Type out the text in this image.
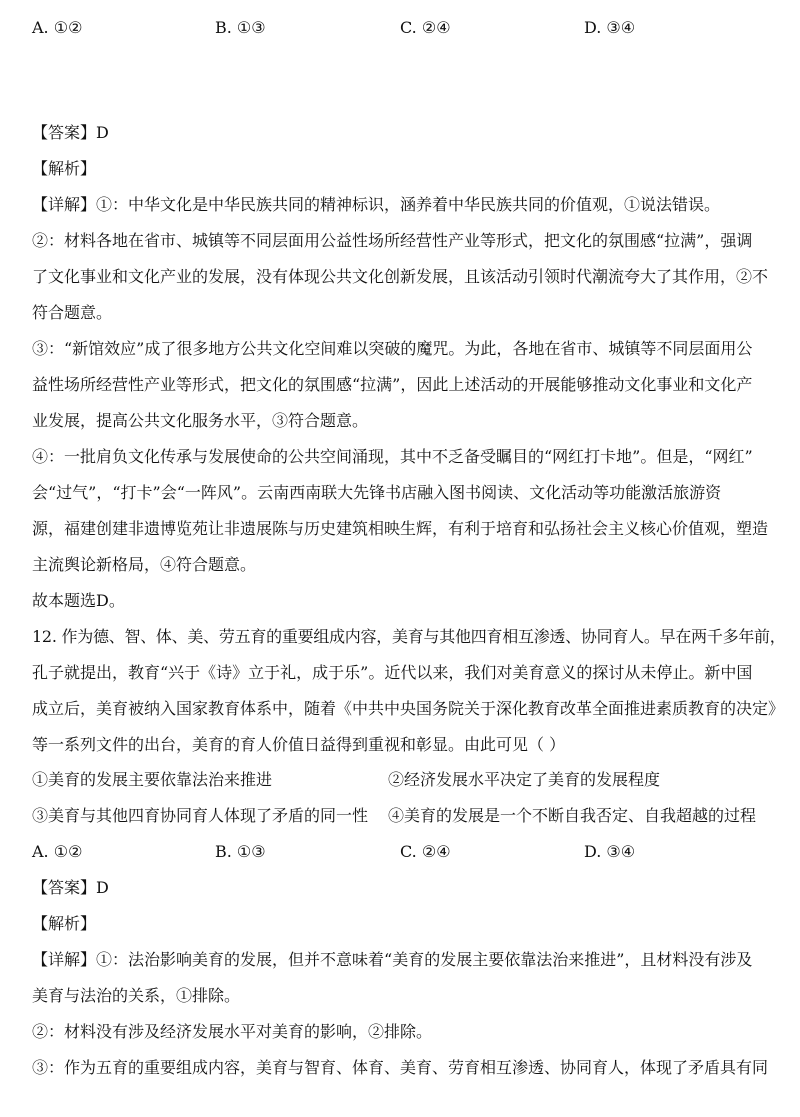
A. ①②	B. ①③	C. ②④	D. ③④
【答案】D
【解析】
【详解】①：中华文化是中华民族共同的精神标识，涵养着中华民族共同的价值观，①说法错误。
②：材料各地在省市、城镇等不同层面用公益性场所经营性产业等形式，把文化的氛围感“拉满”，强调
了文化事业和文化产业的发展，没有体现公共文化创新发展，且该活动引领时代潮流夸大了其作用，②不
符合题意。
③：“新馆效应”成了很多地方公共文化空间难以突破的魔咒。为此，各地在省市、城镇等不同层面用公
益性场所经营性产业等形式，把文化的氛围感“拉满”，因此上述活动的开展能够推动文化事业和文化产
业发展，提高公共文化服务水平，③符合题意。
④：一批肩负文化传承与发展使命的公共空间涌现，其中不乏备受瞩目的“网红打卡地”。但是，“网红”
会“过气”，“打卡”会“一阵风”。云南西南联大先锋书店融入图书阅读、文化活动等功能激活旅游资
源，福建创建非遗博览苑让非遗展陈与历史建筑相映生辉，有利于培育和弘扬社会主义核心价值观，塑造
主流舆论新格局，④符合题意。
故本题选D。
12. 作为德、智、体、美、劳五育的重要组成内容，美育与其他四育相互渗透、协同育人。早在两千多年前，
孔子就提出，教育“兴于《诗》立于礼，成于乐”。近代以来，我们对美育意义的探讨从未停止。新中国
成立后，美育被纳入国家教育体系中，随着《中共中央国务院关于深化教育改革全面推进素质教育的决定》
等一系列文件的出台，美育的育人价值日益得到重视和彰显。由此可见（ ）
①美育的发展主要依靠法治来推进	②经济发展水平决定了美育的发展程度
③美育与其他四育协同育人体现了矛盾的同一性 ④美育的发展是一个不断自我否定、自我超越的过程
A. ①②	B. ①③	C. ②④	D. ③④
【答案】D
【解析】
【详解】①：法治影响美育的发展，但并不意味着“美育的发展主要依靠法治来推进”，且材料没有涉及
美育与法治的关系，①排除。
②：材料没有涉及经济发展水平对美育的影响，②排除。
③：作为五育的重要组成内容，美育与智育、体育、美育、劳育相互渗透、协同育人，体现了矛盾具有同
